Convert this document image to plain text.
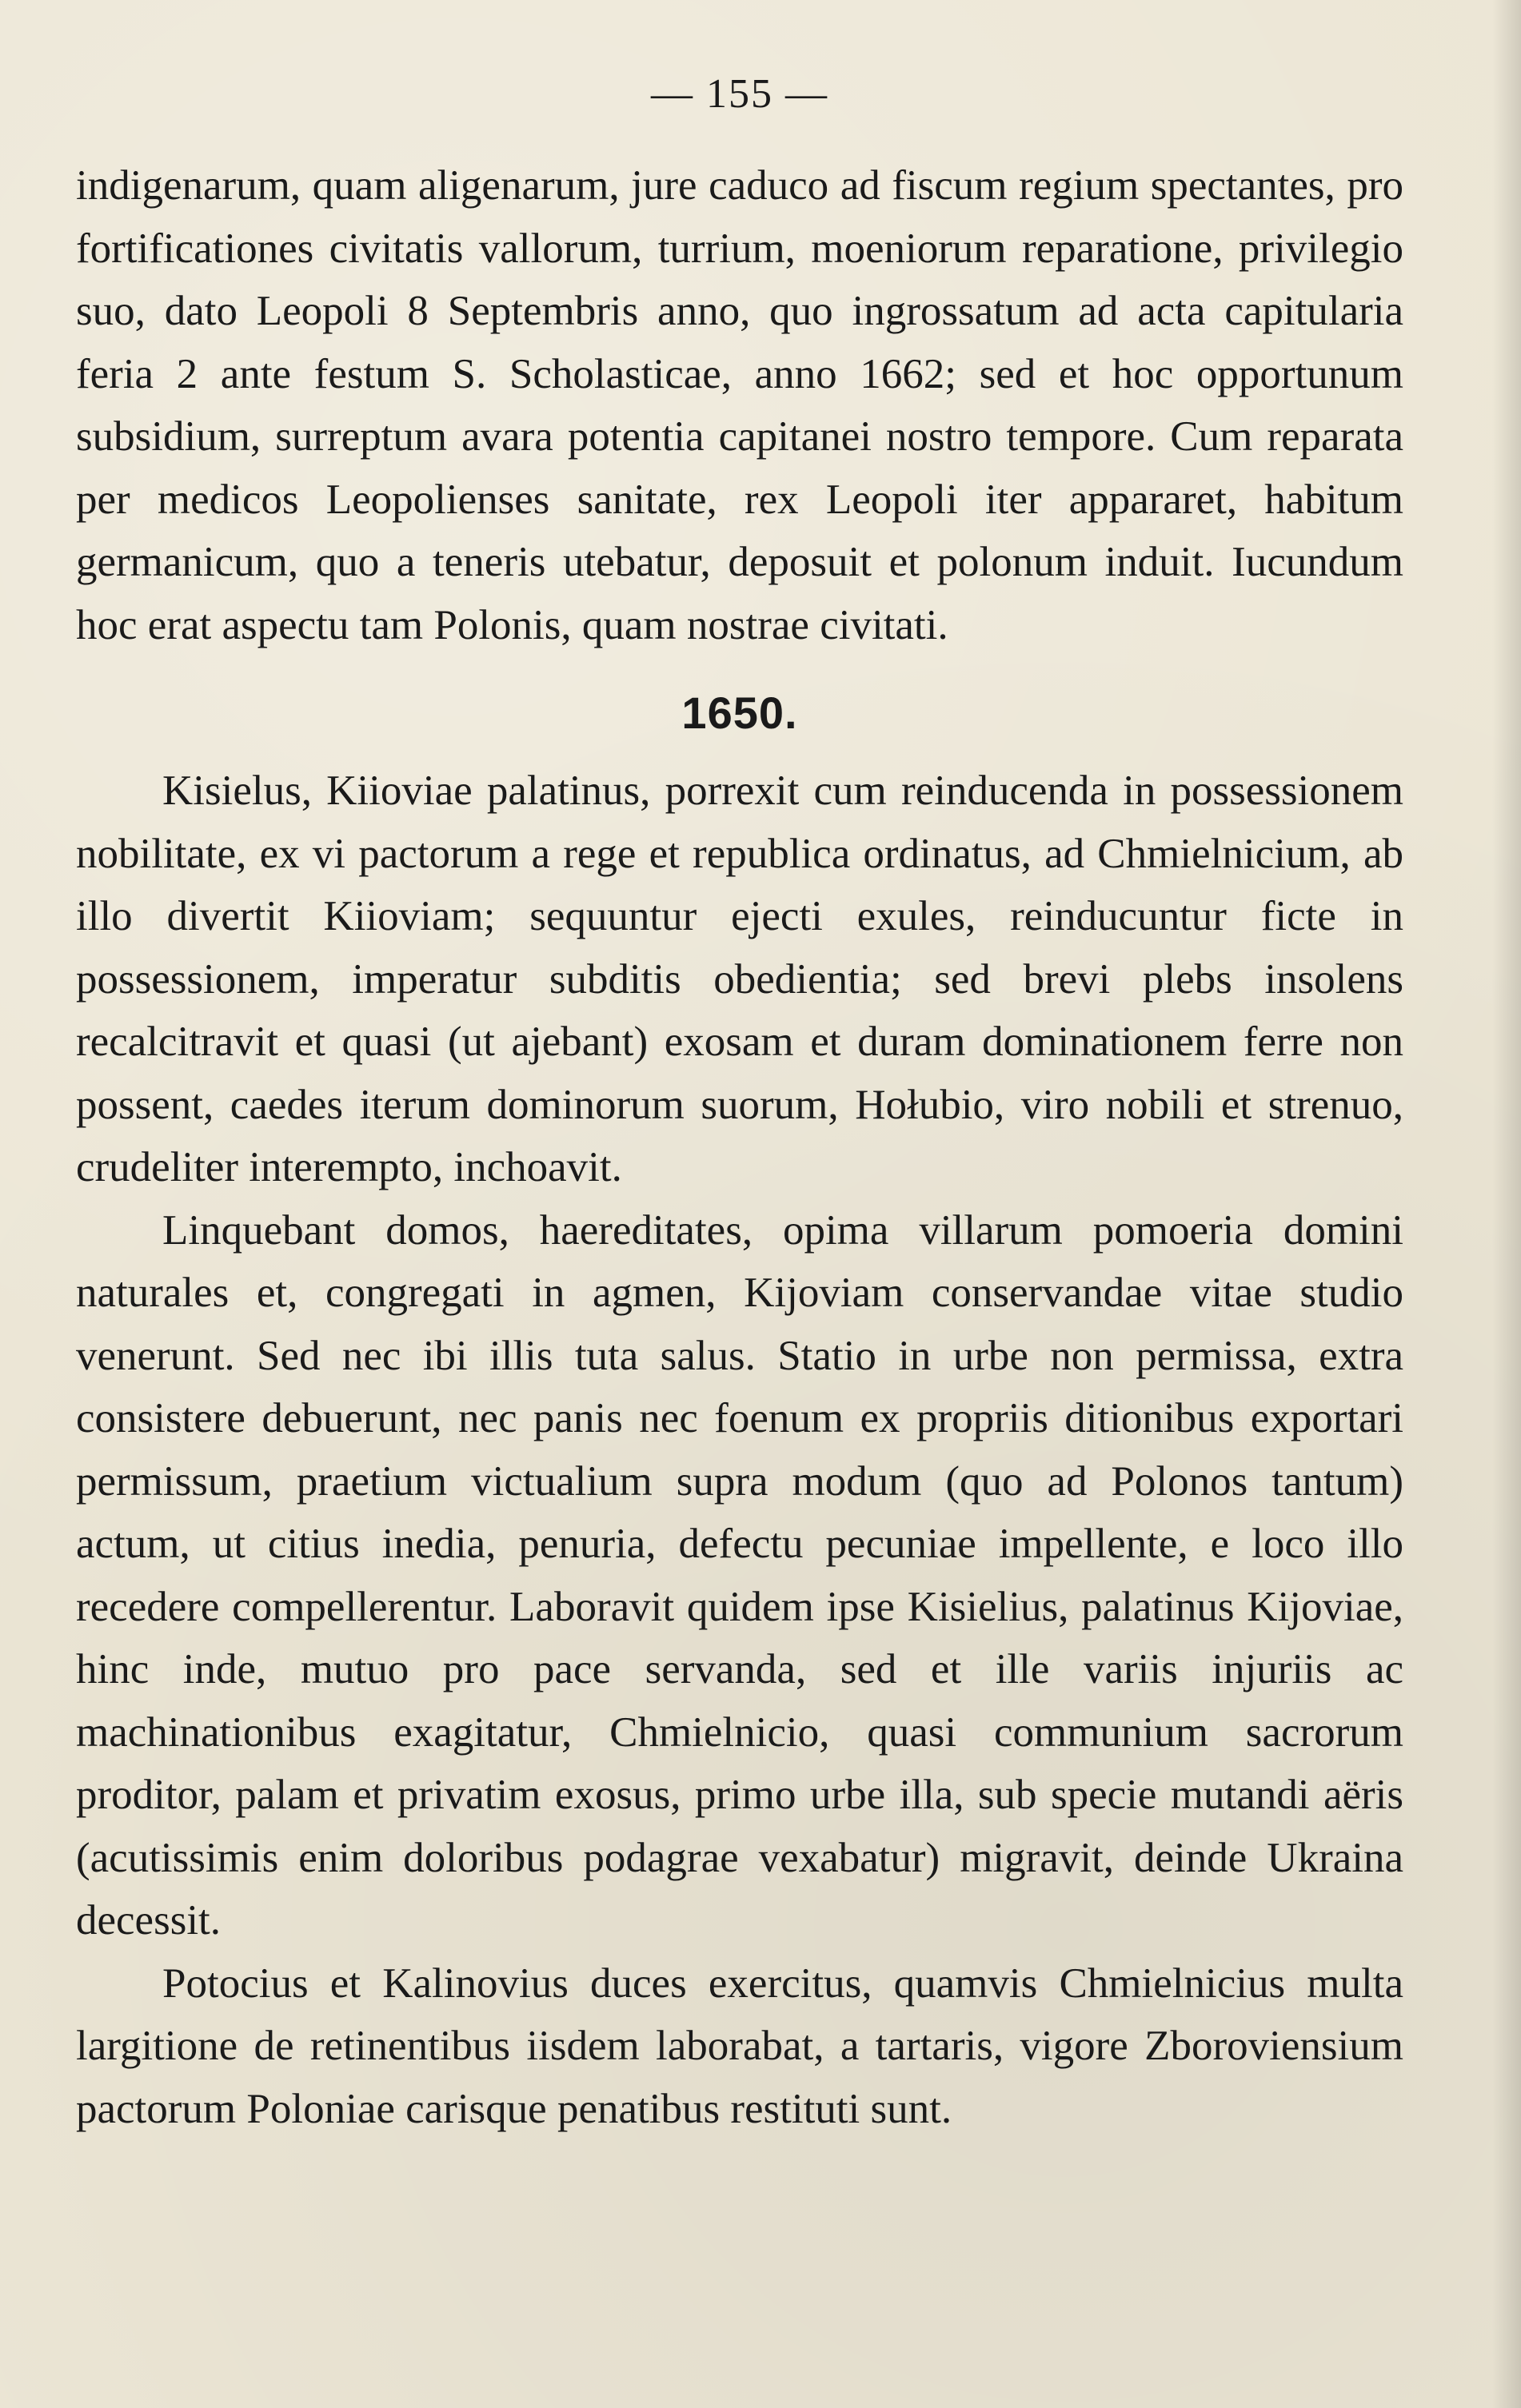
— 155 —

indigenarum, quam aligenarum, jure caduco ad fiscum regium spectantes, pro fortificationes civitatis vallorum, turrium, moeniorum reparatione, privilegio suo, dato Leopoli 8 Septembris anno, quo ingrossatum ad acta capitularia feria 2 ante festum S. Scholasticae, anno 1662; sed et hoc opportunum subsidium, surreptum avara potentia capitanei nostro tempore. Cum reparata per medicos Leopolienses sanitate, rex Leopoli iter appararet, habitum germanicum, quo a teneris utebatur, deposuit et polonum induit. Iucundum hoc erat aspectu tam Polonis, quam nostrae civitati.

1650.

Kisielus, Kiioviae palatinus, porrexit cum reinducenda in possessionem nobilitate, ex vi pactorum a rege et republica ordinatus, ad Chmielnicium, ab illo divertit Kiioviam; sequuntur ejecti exules, reinducuntur ficte in possessionem, imperatur subditis obedientia; sed brevi plebs insolens recalcitravit et quasi (ut ajebant) exosam et duram dominationem ferre non possent, caedes iterum dominorum suorum, Hołubio, viro nobili et strenuo, crudeliter interempto, inchoavit.

Linquebant domos, haereditates, opima villarum pomoeria domini naturales et, congregati in agmen, Kijoviam conservandae vitae studio venerunt. Sed nec ibi illis tuta salus. Statio in urbe non permissa, extra consistere debuerunt, nec panis nec foenum ex propriis ditionibus exportari permissum, praetium victualium supra modum (quo ad Polonos tantum) actum, ut citius inedia, penuria, defectu pecuniae impellente, e loco illo recedere compellerentur. Laboravit quidem ipse Kisielius, palatinus Kijoviae, hinc inde, mutuo pro pace servanda, sed et ille variis injuriis ac machinationibus exagitatur, Chmielnicio, quasi communium sacrorum proditor, palam et privatim exosus, primo urbe illa, sub specie mutandi aëris (acutissimis enim doloribus podagrae vexabatur) migravit, deinde Ukraina decessit.

Potocius et Kalinovius duces exercitus, quamvis Chmielnicius multa largitione de retinentibus iisdem laborabat, a tartaris, vigore Zboroviensium pactorum Poloniae carisque penatibus restituti sunt.
